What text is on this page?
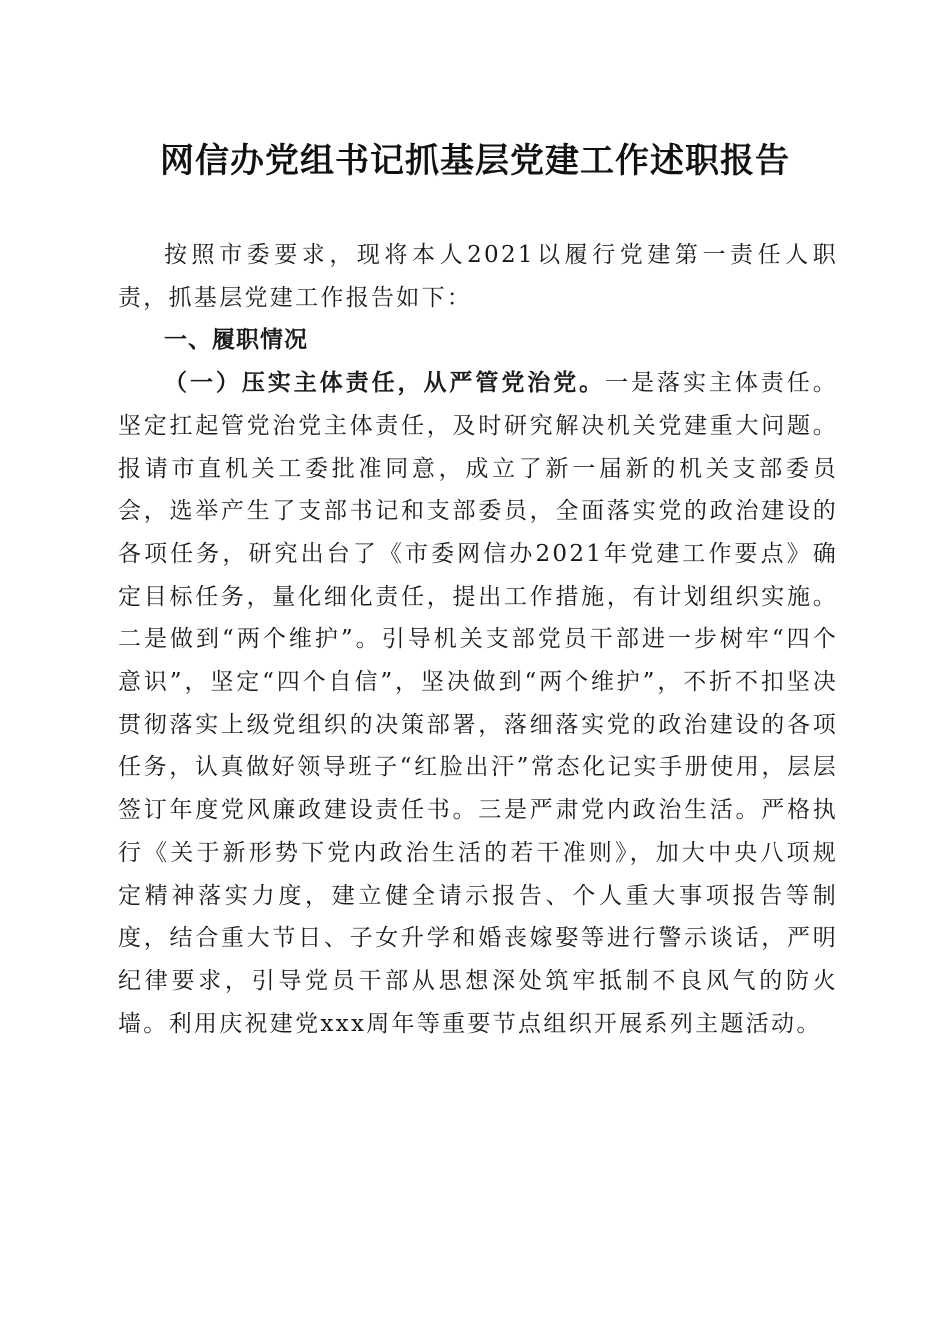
网信办党组书记抓基层党建工作述职报告

按照市委要求，现将本人2021以履行党建第一责任人职责，抓基层党建工作报告如下：

一、履职情况

（一）压实主体责任，从严管党治党。一是落实主体责任。坚定扛起管党治党主体责任，及时研究解决机关党建重大问题。报请市直机关工委批准同意，成立了新一届新的机关支部委员会，选举产生了支部书记和支部委员，全面落实党的政治建设的各项任务，研究出台了《市委网信办2021年党建工作要点》确定目标任务，量化细化责任，提出工作措施，有计划组织实施。二是做到“两个维护”。引导机关支部党员干部进一步树牢“四个意识”，坚定“四个自信”，坚决做到“两个维护”，不折不扣坚决贯彻落实上级党组织的决策部署，落细落实党的政治建设的各项任务，认真做好领导班子“红脸出汗”常态化记实手册使用，层层签订年度党风廉政建设责任书。三是严肃党内政治生活。严格执行《关于新形势下党内政治生活的若干准则》，加大中央八项规定精神落实力度，建立健全请示报告、个人重大事项报告等制度，结合重大节日、子女升学和婚丧嫁娶等进行警示谈话，严明纪律要求，引导党员干部从思想深处筑牢抵制不良风气的防火墙。利用庆祝建党xxx周年等重要节点组织开展系列主题活动。
